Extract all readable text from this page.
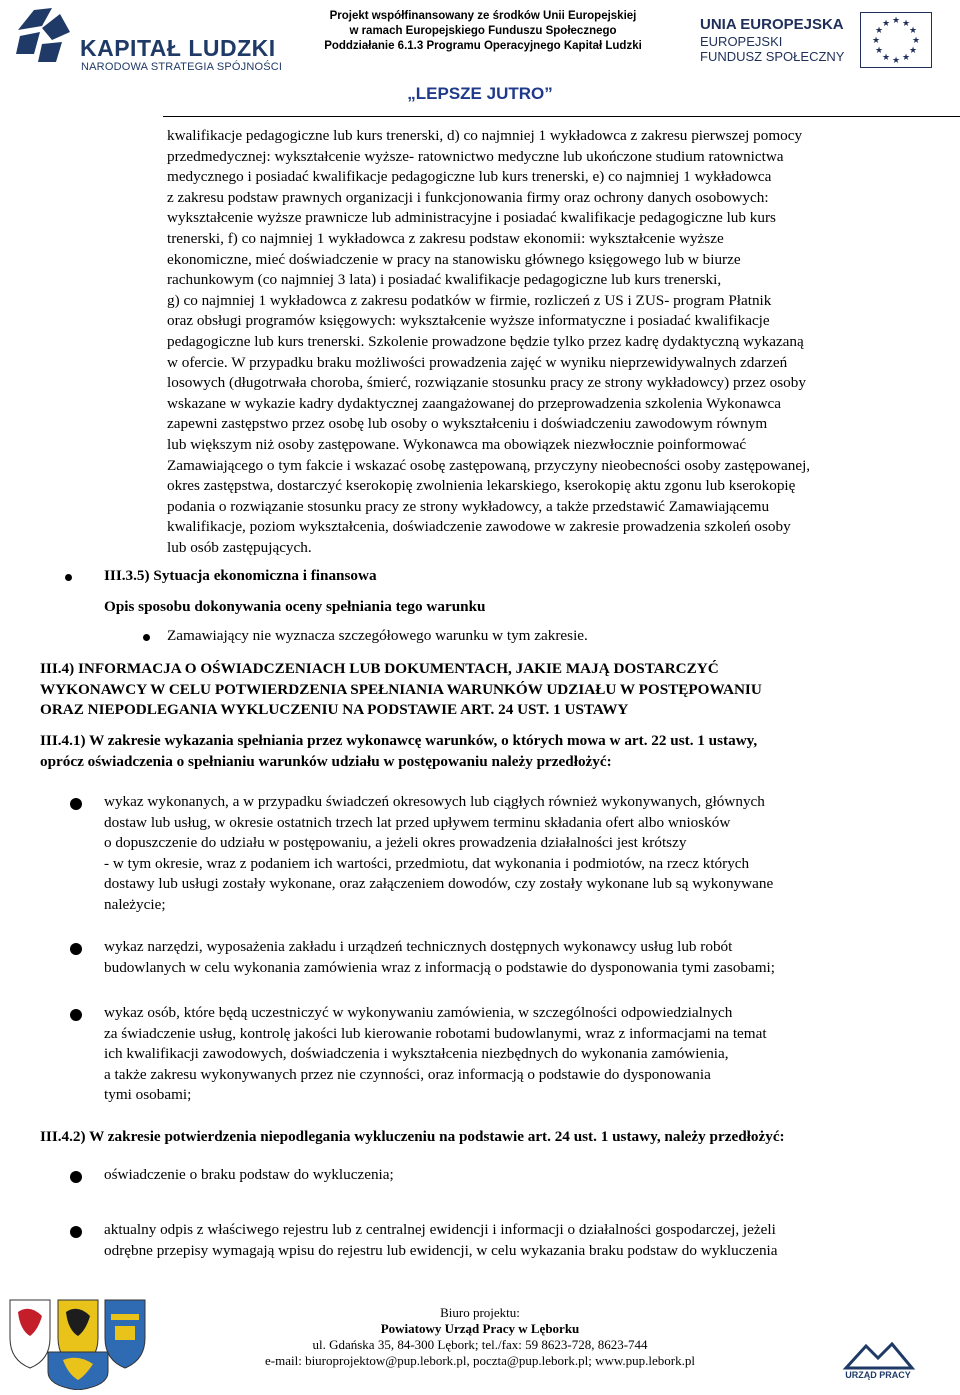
KAPITAŁ LUDZKI
NARODOWA STRATEGIA SPÓJNOŚCI
Projekt współfinansowany ze środków Unii Europejskiej
w ramach Europejskiego Funduszu Społecznego
Poddziałanie 6.1.3 Programu Operacyjnego Kapitał Ludzki
UNIA EUROPEJSKA
EUROPEJSKI
FUNDUSZ SPOŁECZNY
★ ★
★
★
★
★
★
★
★
★
★
★
„LEPSZE JUTRO”
kwalifikacje pedagogiczne lub kurs trenerski, d) co najmniej 1 wykładowca z zakresu pierwszej pomocy
przedmedycznej: wykształcenie wyższe- ratownictwo medyczne lub ukończone studium ratownictwa
medycznego i posiadać kwalifikacje pedagogiczne lub kurs trenerski, e) co najmniej 1 wykładowca
z zakresu podstaw prawnych organizacji i funkcjonowania firmy oraz ochrony danych osobowych:
wykształcenie wyższe prawnicze lub administracyjne i posiadać kwalifikacje pedagogiczne lub kurs
trenerski, f) co najmniej 1 wykładowca z zakresu podstaw ekonomii: wykształcenie wyższe
ekonomiczne, mieć doświadczenie w pracy na stanowisku głównego księgowego lub w biurze
rachunkowym (co najmniej 3 lata) i posiadać kwalifikacje pedagogiczne lub kurs trenerski,
g) co najmniej 1 wykładowca z zakresu podatków w firmie, rozliczeń z US i ZUS- program Płatnik
oraz obsługi programów księgowych: wykształcenie wyższe informatyczne i posiadać kwalifikacje
pedagogiczne lub kurs trenerski. Szkolenie prowadzone będzie tylko przez kadrę dydaktyczną wykazaną
w ofercie. W przypadku braku możliwości prowadzenia zajęć w wyniku nieprzewidywalnych zdarzeń
losowych (długotrwała choroba, śmierć, rozwiązanie stosunku pracy ze strony wykładowcy) przez osoby
wskazane w wykazie kadry dydaktycznej zaangażowanej do przeprowadzenia szkolenia Wykonawca
zapewni zastępstwo przez osobę lub osoby o wykształceniu i doświadczeniu zawodowym równym
lub większym niż osoby zastępowane. Wykonawca ma obowiązek niezwłocznie poinformować
Zamawiającego o tym fakcie i wskazać osobę zastępowaną, przyczyny nieobecności osoby zastępowanej,
okres zastępstwa, dostarczyć kserokopię zwolnienia lekarskiego, kserokopię aktu zgonu lub kserokopię
podania o rozwiązanie stosunku pracy ze strony wykładowcy, a także przedstawić Zamawiającemu
kwalifikacje, poziom wykształcenia, doświadczenie zawodowe w zakresie prowadzenia szkoleń osoby
lub osób zastępujących.
III.3.5) Sytuacja ekonomiczna i finansowa
Opis sposobu dokonywania oceny spełniania tego warunku
Zamawiający nie wyznacza szczegółowego warunku w tym zakresie.
III.4) INFORMACJA O OŚWIADCZENIACH LUB DOKUMENTACH, JAKIE MAJĄ DOSTARCZYĆ
WYKONAWCY W CELU POTWIERDZENIA SPEŁNIANIA WARUNKÓW UDZIAŁU W POSTĘPOWANIU
ORAZ NIEPODLEGANIA WYKLUCZENIU NA PODSTAWIE ART. 24 UST. 1 USTAWY
III.4.1) W zakresie wykazania spełniania przez wykonawcę warunków, o których mowa w art. 22 ust. 1 ustawy,
oprócz oświadczenia o spełnianiu warunków udziału w postępowaniu należy przedłożyć:
wykaz wykonanych, a w przypadku świadczeń okresowych lub ciągłych również wykonywanych, głównych
dostaw lub usług, w okresie ostatnich trzech lat przed upływem terminu składania ofert albo wniosków
o dopuszczenie do udziału w postępowaniu, a jeżeli okres prowadzenia działalności jest krótszy
- w tym okresie, wraz z podaniem ich wartości, przedmiotu, dat wykonania i podmiotów, na rzecz których
dostawy lub usługi zostały wykonane, oraz załączeniem dowodów, czy zostały wykonane lub są wykonywane
należycie;
wykaz narzędzi, wyposażenia zakładu i urządzeń technicznych dostępnych wykonawcy usług lub robót
budowlanych w celu wykonania zamówienia wraz z informacją o podstawie do dysponowania tymi zasobami;
wykaz osób, które będą uczestniczyć w wykonywaniu zamówienia, w szczególności odpowiedzialnych
za świadczenie usług, kontrolę jakości lub kierowanie robotami budowlanymi, wraz z informacjami na temat
ich kwalifikacji zawodowych, doświadczenia i wykształcenia niezbędnych do wykonania zamówienia,
a także zakresu wykonywanych przez nie czynności, oraz informacją o podstawie do dysponowania
tymi osobami;
III.4.2) W zakresie potwierdzenia niepodlegania wykluczeniu na podstawie art. 24 ust. 1 ustawy, należy przedłożyć:
oświadczenie o braku podstaw do wykluczenia;
aktualny odpis z właściwego rejestru lub z centralnej ewidencji i informacji o działalności gospodarczej, jeżeli
odrębne przepisy wymagają wpisu do rejestru lub ewidencji, w celu wykazania braku podstaw do wykluczenia
Biuro projektu:
Powiatowy Urząd Pracy w Lęborku
ul. Gdańska 35, 84-300 Lębork; tel./fax: 59 8623-728, 8623-744
e-mail: biuroprojektow@pup.lebork.pl, poczta@pup.lebork.pl; www.pup.lebork.pl
URZĄD PRACY
